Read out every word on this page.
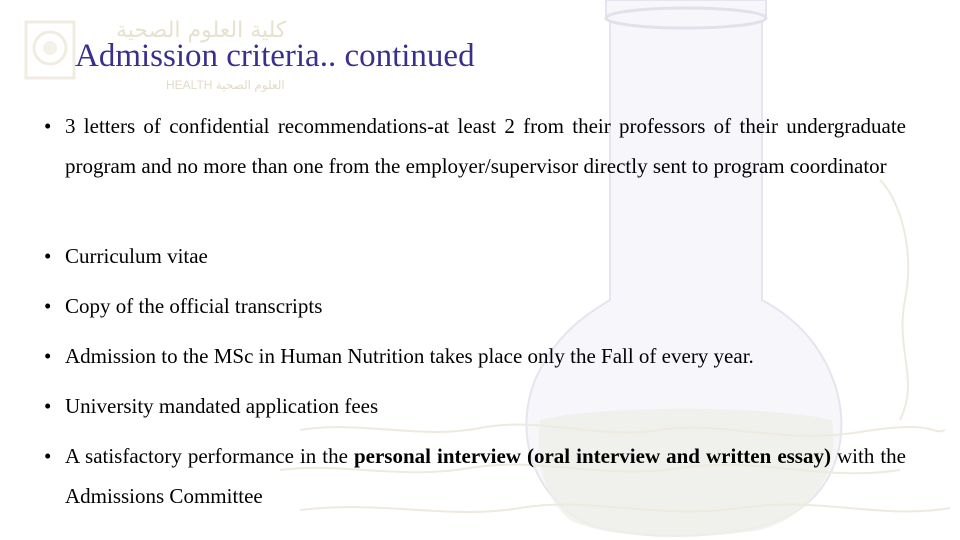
كلية العلوم الصحية
HEALTH العلوم الصحية
Admission criteria.. continued
• 3 letters of confidential recommendations-at least 2 from their professors of their undergraduate program and no more than one from the employer/supervisor directly sent to program coordinator
• Curriculum vitae
• Copy of the official transcripts
• Admission to the MSc in Human Nutrition takes place only the Fall of every year.
• University mandated application fees
• A satisfactory performance in the personal interview (oral interview and written essay) with the Admissions Committee
